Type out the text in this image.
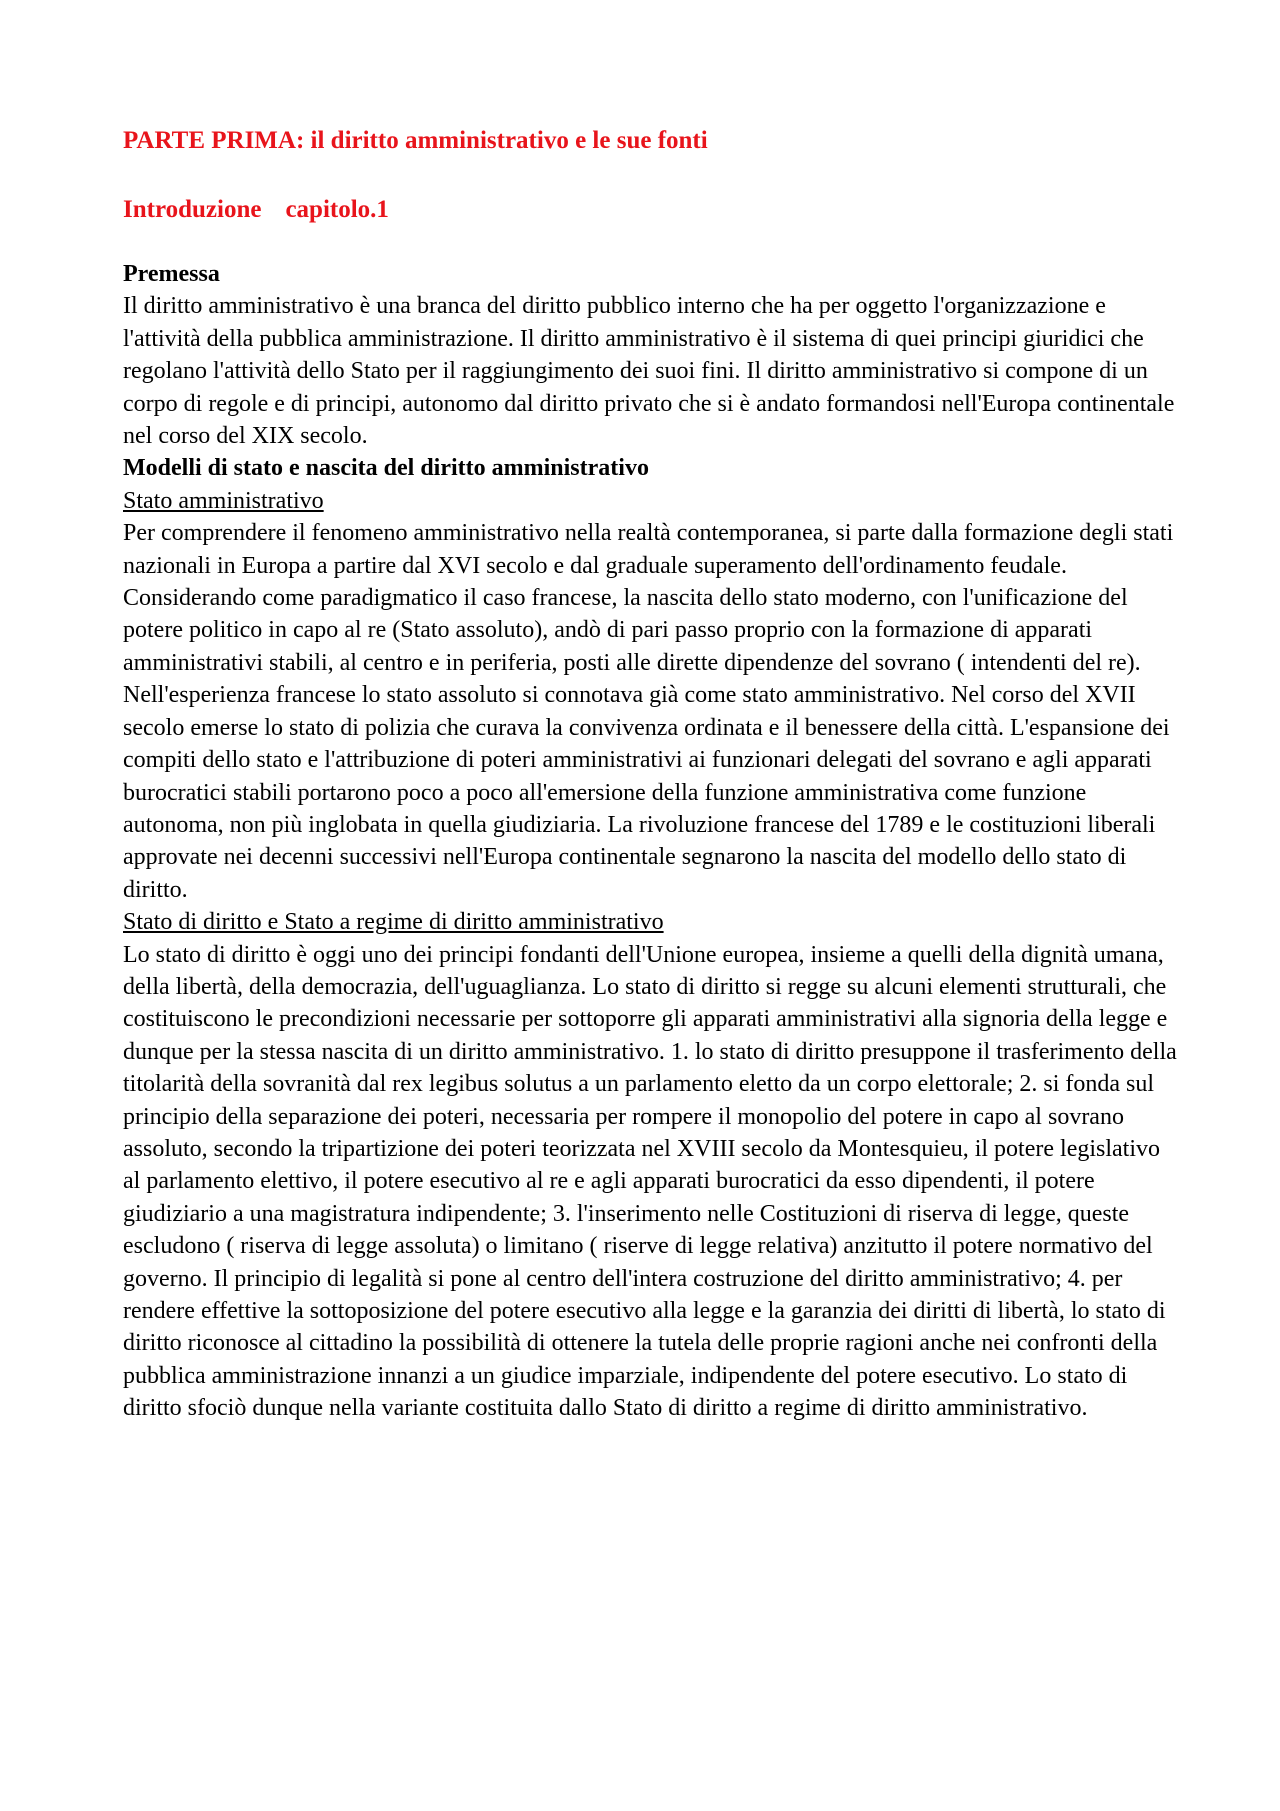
PARTE PRIMA: il diritto amministrativo e le sue fonti
Introduzione capitolo.1

Premessa

Il diritto amministrativo è una branca del diritto pubblico interno che ha per oggetto l'organizzazione e l'attività della pubblica amministrazione. Il diritto amministrativo è il sistema di quei principi giuridici che regolano l'attività dello Stato per il raggiungimento dei suoi fini. Il diritto amministrativo si compone di un corpo di regole e di principi, autonomo dal diritto privato che si è andato formandosi nell'Europa continentale nel corso del XIX secolo.

Modelli di stato e nascita del diritto amministrativo

Stato amministrativo

Per comprendere il fenomeno amministrativo nella realtà contemporanea, si parte dalla formazione degli stati nazionali in Europa a partire dal XVI secolo e dal graduale superamento dell'ordinamento feudale. Considerando come paradigmatico il caso francese, la nascita dello stato moderno, con l'unificazione del potere politico in capo al re (Stato assoluto), andò di pari passo proprio con la formazione di apparati amministrativi stabili, al centro e in periferia, posti alle dirette dipendenze del sovrano ( intendenti del re). Nell'esperienza francese lo stato assoluto si connotava già come stato amministrativo. Nel corso del XVII secolo emerse lo stato di polizia che curava la convivenza ordinata e il benessere della città. L'espansione dei compiti dello stato e l'attribuzione di poteri amministrativi ai funzionari delegati del sovrano e agli apparati burocratici stabili portarono poco a poco all'emersione della funzione amministrativa come funzione autonoma, non più inglobata in quella giudiziaria. La rivoluzione francese del 1789 e le costituzioni liberali approvate nei decenni successivi nell'Europa continentale segnarono la nascita del modello dello stato di diritto.

Stato di diritto e Stato a regime di diritto amministrativo

Lo stato di diritto è oggi uno dei principi fondanti dell'Unione europea, insieme a quelli della dignità umana, della libertà, della democrazia, dell'uguaglianza. Lo stato di diritto si regge su alcuni elementi strutturali, che costituiscono le precondizioni necessarie per sottoporre gli apparati amministrativi alla signoria della legge e dunque per la stessa nascita di un diritto amministrativo. 1. lo stato di diritto presuppone il trasferimento della titolarità della sovranità dal rex legibus solutus a un parlamento eletto da un corpo elettorale; 2. si fonda sul principio della separazione dei poteri, necessaria per rompere il monopolio del potere in capo al sovrano assoluto, secondo la tripartizione dei poteri teorizzata nel XVIII secolo da Montesquieu, il potere legislativo al parlamento elettivo, il potere esecutivo al re e agli apparati burocratici da esso dipendenti, il potere giudiziario a una magistratura indipendente; 3. l'inserimento nelle Costituzioni di riserva di legge, queste escludono ( riserva di legge assoluta) o limitano ( riserve di legge relativa) anzitutto il potere normativo del governo. Il principio di legalità si pone al centro dell'intera costruzione del diritto amministrativo; 4. per rendere effettive la sottoposizione del potere esecutivo alla legge e la garanzia dei diritti di libertà, lo stato di diritto riconosce al cittadino la possibilità di ottenere la tutela delle proprie ragioni anche nei confronti della pubblica amministrazione innanzi a un giudice imparziale, indipendente del potere esecutivo. Lo stato di diritto sfociò dunque nella variante costituita dallo Stato di diritto a regime di diritto amministrativo.
